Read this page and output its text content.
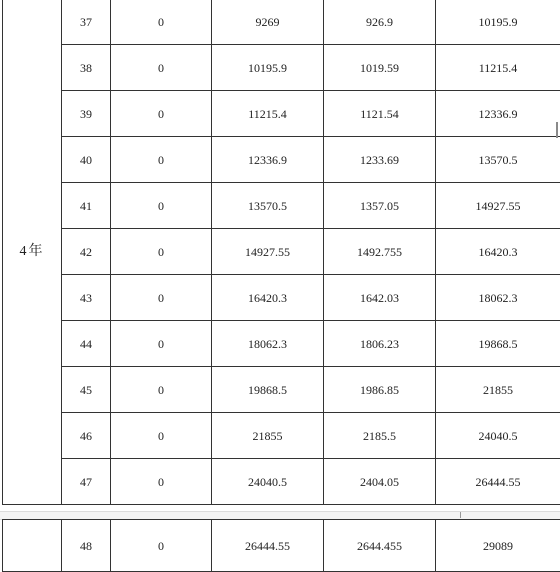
4年	37	0	9269	926.9	10195.9
	38	0	10195.9	1019.59	11215.4
	39	0	11215.4	1121.54	12336.9
	40	0	12336.9	1233.69	13570.5
	41	0	13570.5	1357.05	14927.55
	42	0	14927.55	1492.755	16420.3
	43	0	16420.3	1642.03	18062.3
	44	0	18062.3	1806.23	19868.5
	45	0	19868.5	1986.85	21855
	46	0	21855	2185.5	24040.5
	47	0	24040.5	2404.05	26444.55
	48	0	26444.55	2644.455	29089
